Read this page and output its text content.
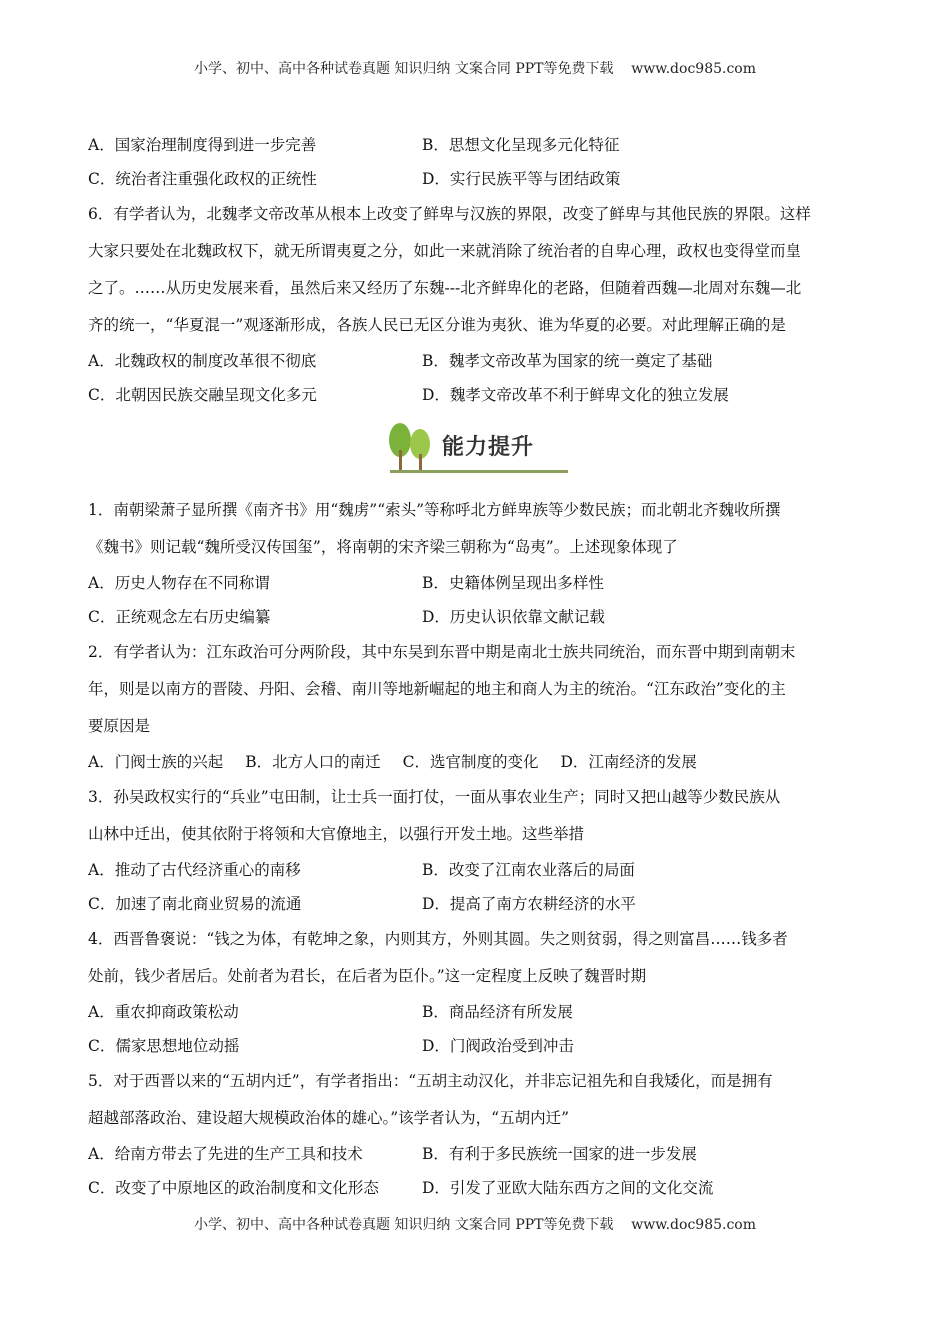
小学、初中、高中各种试卷真题 知识归纳 文案合同 PPT等免费下载    www.doc985.com
A．国家治理制度得到进一步完善	B．思想文化呈现多元化特征
C．统治者注重强化政权的正统性	D．实行民族平等与团结政策
6．有学者认为，北魏孝文帝改革从根本上改变了鲜卑与汉族的界限，改变了鲜卑与其他民族的界限。这样
大家只要处在北魏政权下，就无所谓夷夏之分，如此一来就消除了统治者的自卑心理，政权也变得堂而皇
之了。……从历史发展来看，虽然后来又经历了东魏---北齐鲜卑化的老路，但随着西魏—北周对东魏—北
齐的统一，“华夏混一”观逐渐形成，各族人民已无区分谁为夷狄、谁为华夏的必要。对此理解正确的是
A．北魏政权的制度改革很不彻底	B．魏孝文帝改革为国家的统一奠定了基础
C．北朝因民族交融呈现文化多元	D．魏孝文帝改革不利于鲜卑文化的独立发展
能力提升
1．南朝梁萧子显所撰《南齐书》用“魏虏”“索头”等称呼北方鲜卑族等少数民族；而北朝北齐魏收所撰
《魏书》则记载“魏所受汉传国玺”，将南朝的宋齐梁三朝称为“岛夷”。上述现象体现了
A．历史人物存在不同称谓	B．史籍体例呈现出多样性
C．正统观念左右历史编纂	D．历史认识依靠文献记载
2．有学者认为：江东政治可分两阶段，其中东吴到东晋中期是南北士族共同统治，而东晋中期到南朝末
年，则是以南方的晋陵、丹阳、会稽、南川等地新崛起的地主和商人为主的统治。“江东政治”变化的主
要原因是
A．门阀士族的兴起 B．北方人口的南迁 C．选官制度的变化 D．江南经济的发展
3．孙吴政权实行的“兵业”屯田制，让士兵一面打仗，一面从事农业生产；同时又把山越等少数民族从
山林中迁出，使其依附于将领和大官僚地主，以强行开发土地。这些举措
A．推动了古代经济重心的南移	B．改变了江南农业落后的局面
C．加速了南北商业贸易的流通	D．提高了南方农耕经济的水平
4．西晋鲁褒说：“钱之为体，有乾坤之象，内则其方，外则其圆。失之则贫弱，得之则富昌……钱多者
处前，钱少者居后。处前者为君长，在后者为臣仆。”这一定程度上反映了魏晋时期
A．重农抑商政策松动	B．商品经济有所发展
C．儒家思想地位动摇	D．门阀政治受到冲击
5．对于西晋以来的“五胡内迁”，有学者指出：“五胡主动汉化，并非忘记祖先和自我矮化，而是拥有
超越部落政治、建设超大规模政治体的雄心。”该学者认为，“五胡内迁”
A．给南方带去了先进的生产工具和技术	B．有利于多民族统一国家的进一步发展
C．改变了中原地区的政治制度和文化形态	D．引发了亚欧大陆东西方之间的文化交流
小学、初中、高中各种试卷真题 知识归纳 文案合同 PPT等免费下载    www.doc985.com
